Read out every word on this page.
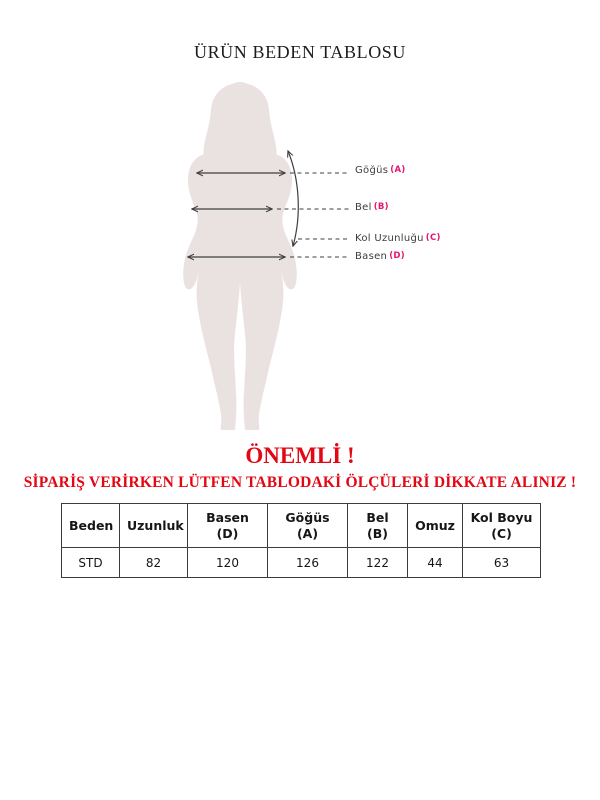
ÜRÜN BEDEN TABLOSU
Göğüs (A)
Bel (B)
Kol Uzunluğu (C)
Basen (D)
ÖNEMLİ !
SİPARİŞ VERİRKEN LÜTFEN TABLODAKİ ÖLÇÜLERİ DİKKATE ALINIZ !
Beden	Uzunluk	Basen (D)	Göğüs (A)	Bel (B)	Omuz	Kol Boyu (C)
STD	82	120	126	122	44	63
